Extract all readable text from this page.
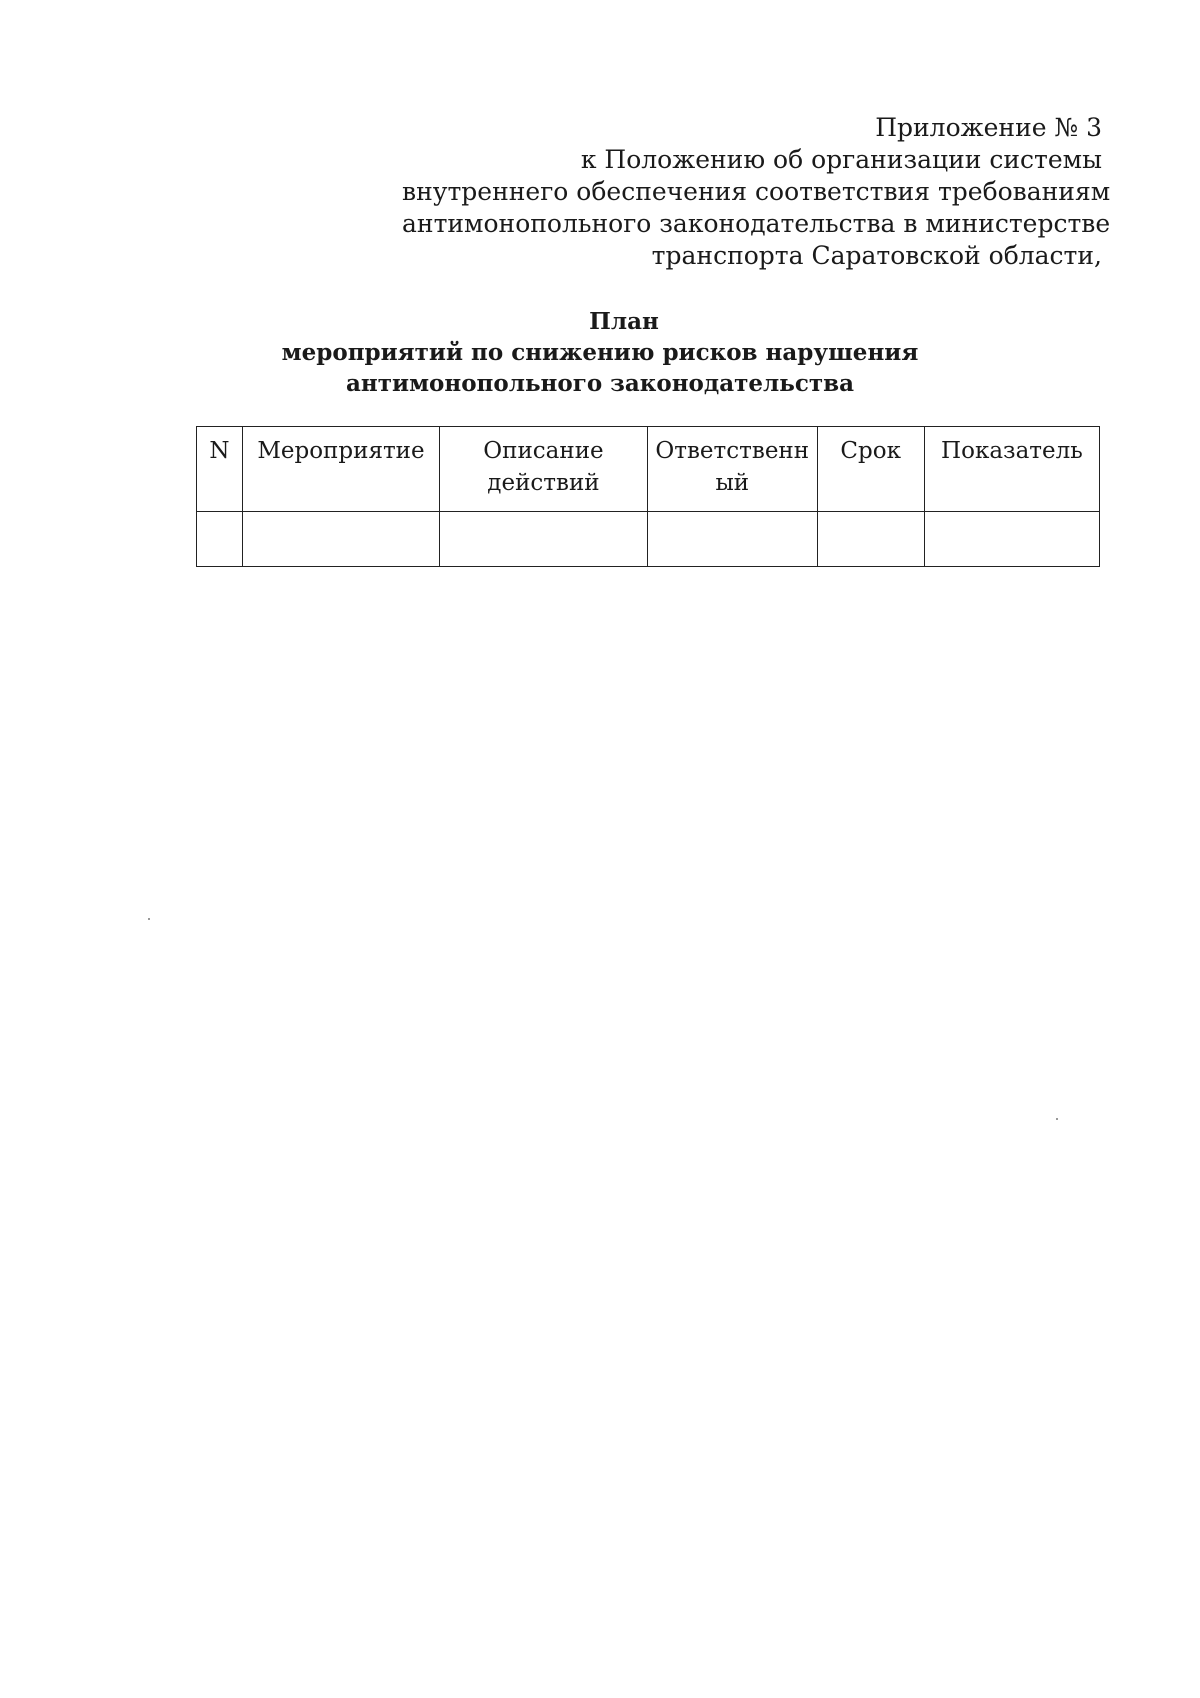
Приложение № 3
к Положению об организации системы
внутреннего обеспечения соответствия требованиям
антимонопольного законодательства в министерстве
транспорта Саратовской области,
План
мероприятий по снижению рисков нарушения
антимонопольного законодательства
N	Мероприятие	Описание действий	Ответственн ый	Срок	Показатель
